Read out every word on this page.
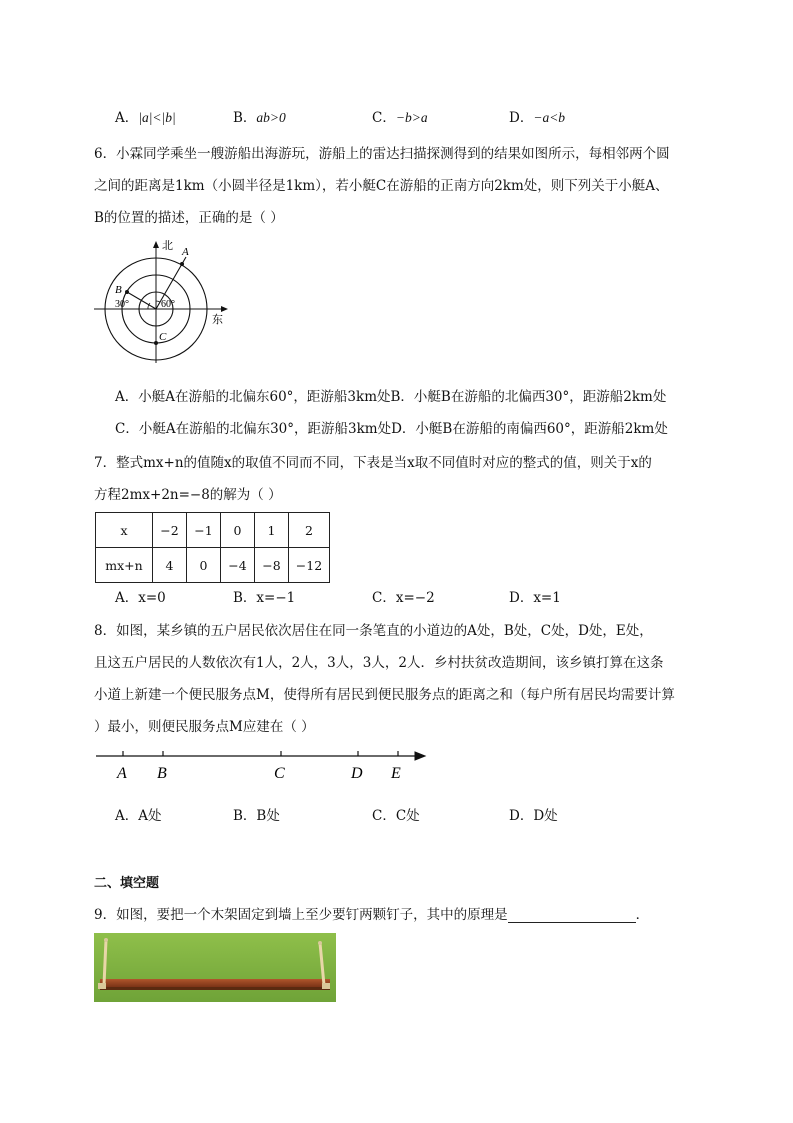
A．|a|<|b|	B．ab>0	C．−b>a	D．−a<b
6．小霖同学乘坐一艘游船出海游玩，游船上的雷达扫描探测得到的结果如图所示，每相邻两个圆
之间的距离是1km（小圆半径是1km），若小艇C在游船的正南方向2km处，则下列关于小艇A、
B的位置的描述，正确的是（ ）
北
东
A
B
C
30°	60°
A．小艇A在游船的北偏东60°，距游船3km处B．小艇B在游船的北偏西30°，距游船2km处
C．小艇A在游船的北偏东30°，距游船3km处D．小艇B在游船的南偏西60°，距游船2km处
7．整式mx+n的值随x的取值不同而不同，下表是当x取不同值时对应的整式的值，则关于x的
方程2mx+2n=−8的解为（ ）
x	−2	−1	0	1	2
mx+n	4	0	−4	−8	−12
A．x=0	B．x=−1	C．x=−2	D．x=1
8．如图，某乡镇的五户居民依次居住在同一条笔直的小道边的A处，B处，C处，D处，E处，
且这五户居民的人数依次有1人，2人，3人，3人，2人．乡村扶贫改造期间，该乡镇打算在这条
小道上新建一个便民服务点M，使得所有居民到便民服务点的距离之和（每户所有居民均需要计算
）最小，则便民服务点M应建在（ ）
A B	C	D E
A．A处	B．B处	C．C处	D．D处
二、填空题
9．如图，要把一个木架固定到墙上至少要钉两颗钉子，其中的原理是	．
